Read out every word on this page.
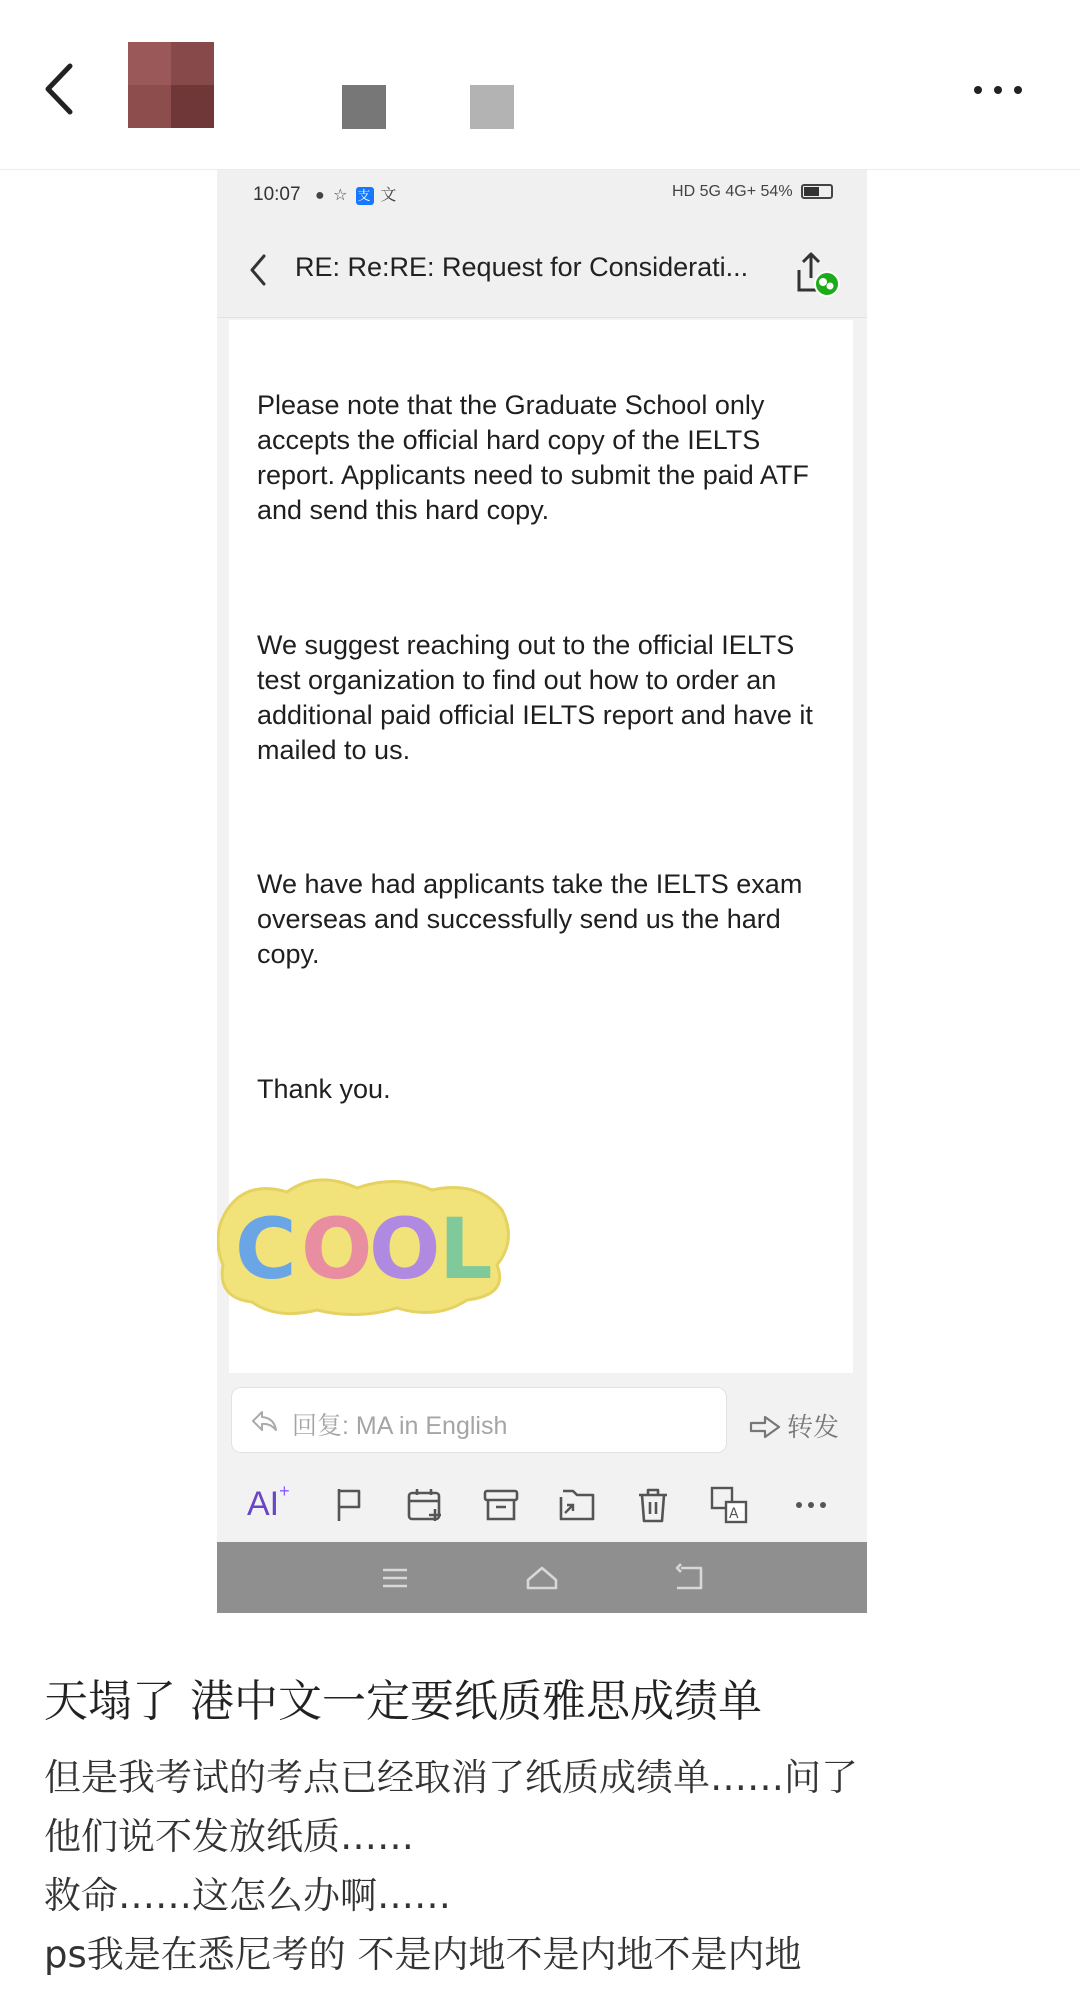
10:07 ● ☆ 支 文	HD 5G 4G+ 54%
RE: Re:RE: Request for Considerati...
Please note that the Graduate School only accepts the official hard copy of the IELTS report. Applicants need to submit the paid ATF and send this hard copy.
We suggest reaching out to the official IELTS test organization to find out how to order an additional paid official IELTS report and have it mailed to us.
We have had applicants take the IELTS exam overseas and successfully send us the hard copy.
Thank you.
C O
O
L
回复: MA in English	转发
AI+
A
天塌了 港中文一定要纸质雅思成绩单
但是我考试的考点已经取消了纸质成绩单……问了
他们说不发放纸质……
救命……这怎么办啊……
ps我是在悉尼考的 不是内地不是内地不是内地
